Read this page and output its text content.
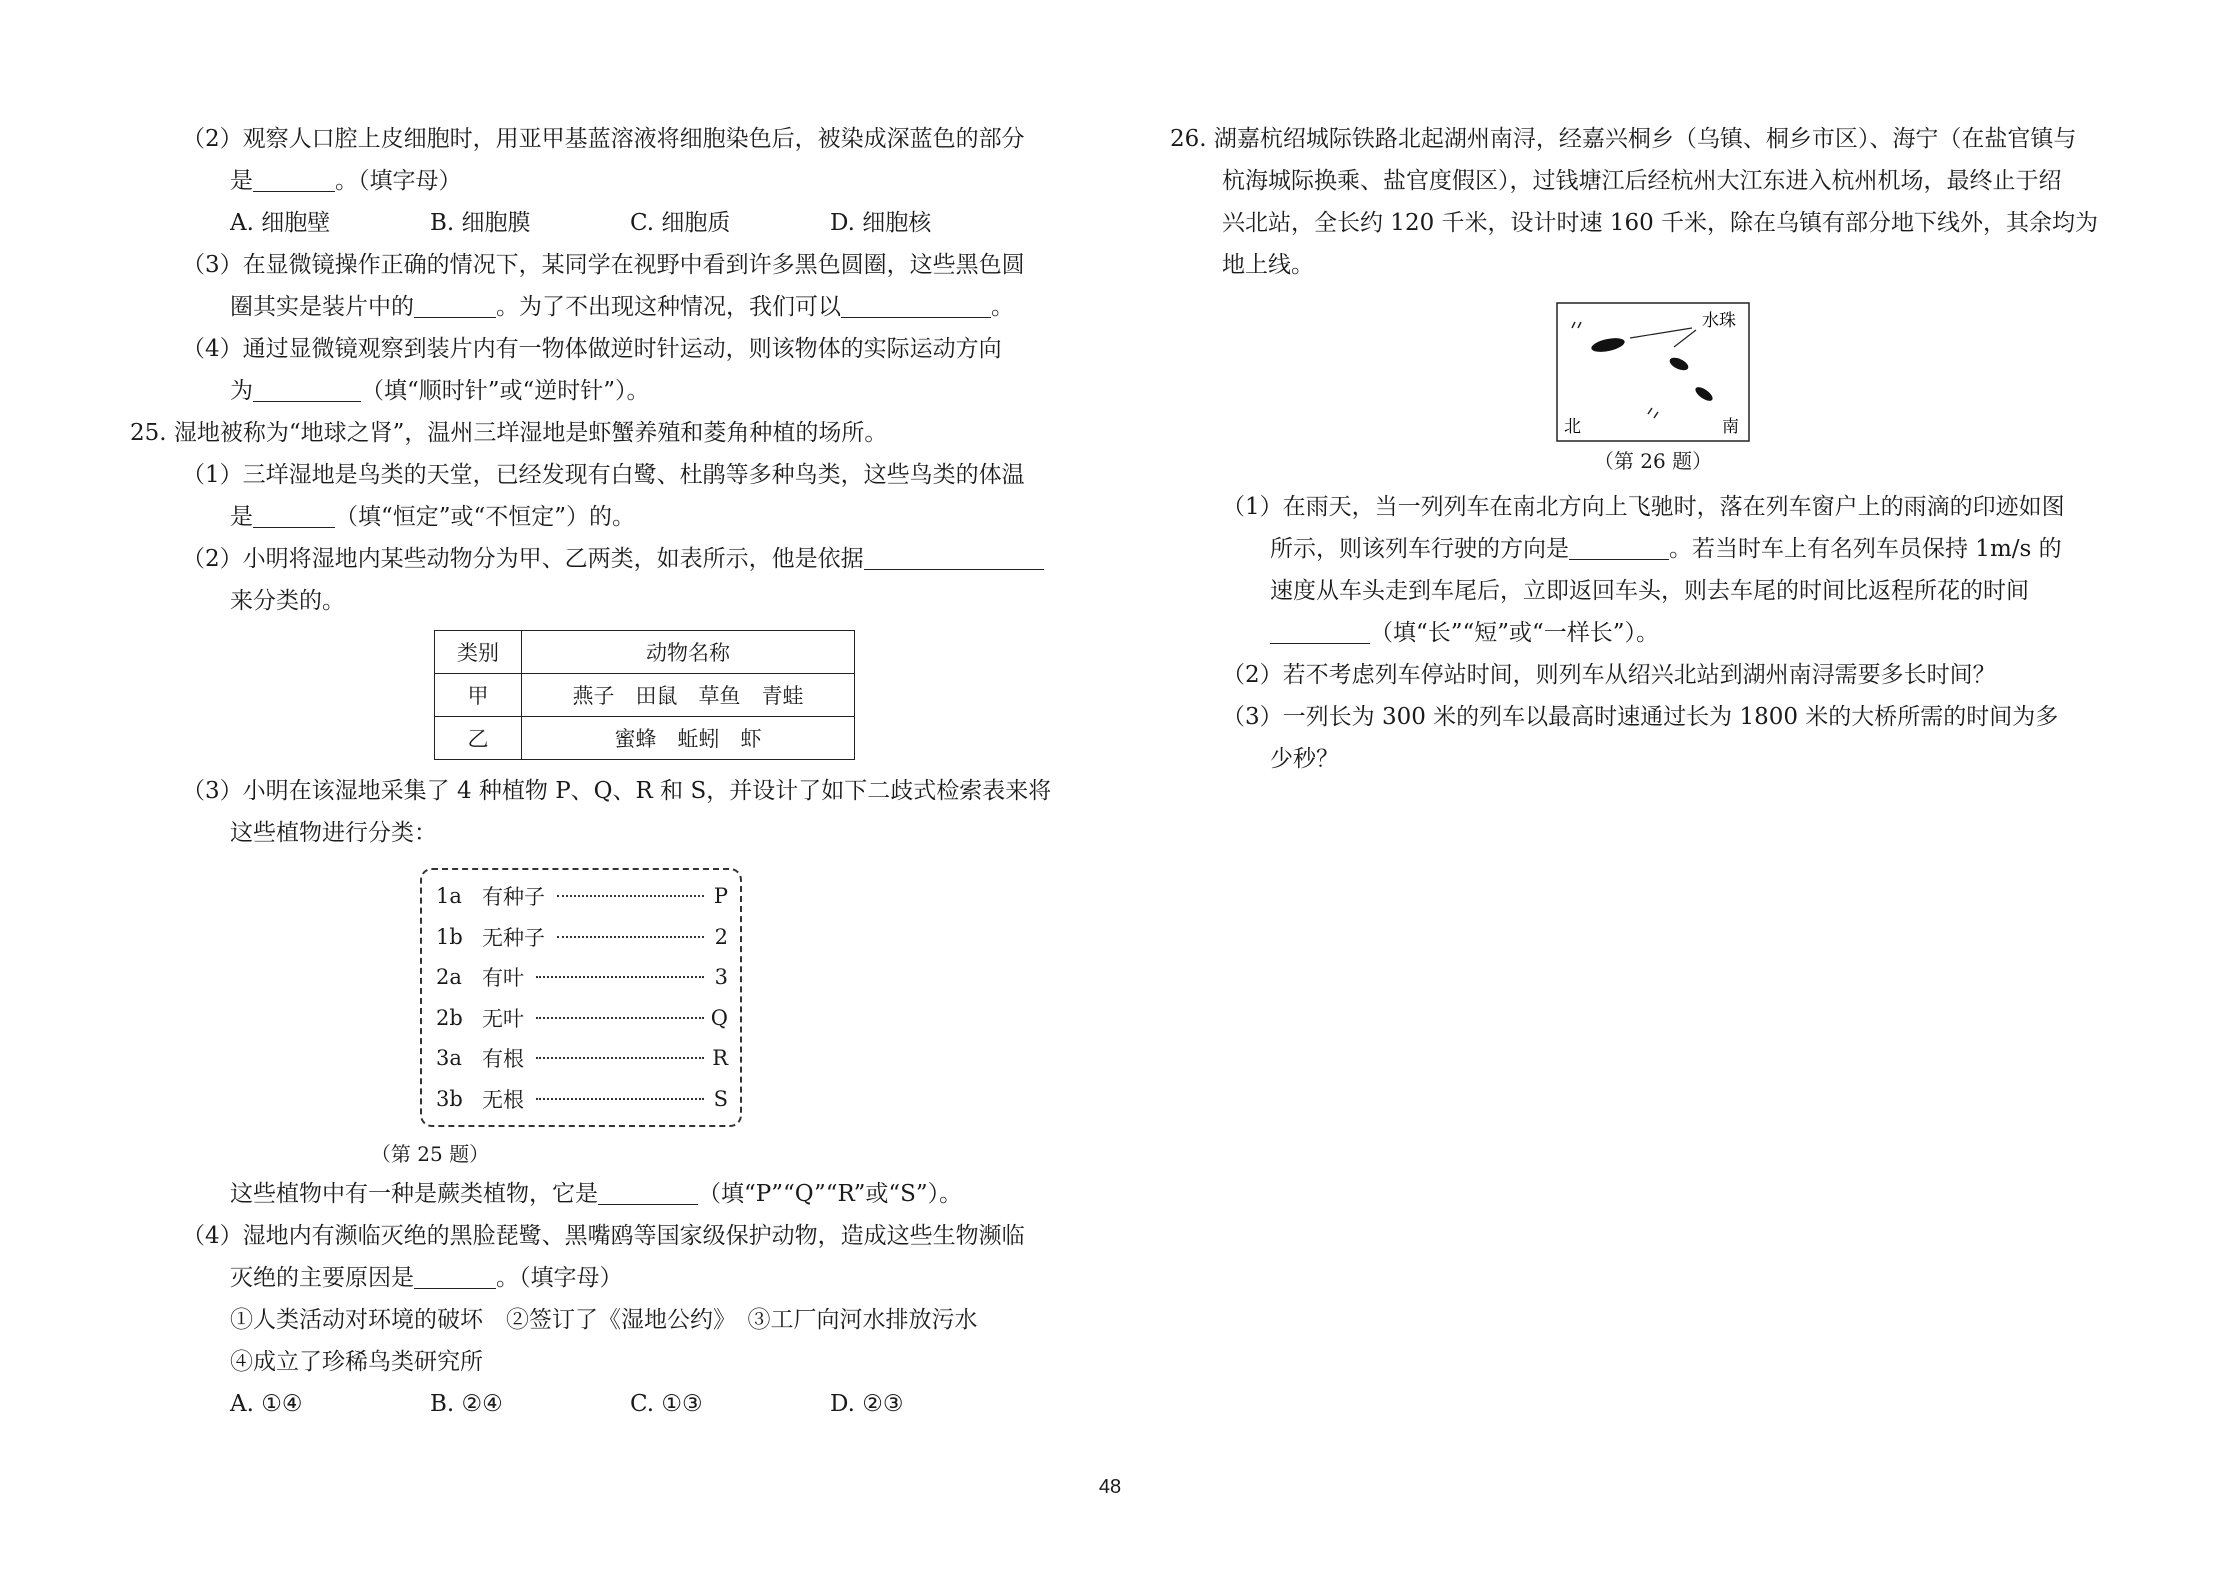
（2）观察人口腔上皮细胞时，用亚甲基蓝溶液将细胞染色后，被染成深蓝色的部分

是	。（填字母）

A. 细胞壁	B. 细胞膜	C. 细胞质	D. 细胞核

（3）在显微镜操作正确的情况下，某同学在视野中看到许多黑色圆圈，这些黑色圆

圈其实是装片中的	。为了不出现这种情况，我们可以	。

（4）通过显微镜观察到装片内有一物体做逆时针运动，则该物体的实际运动方向

为	（填“顺时针”或“逆时针”）。

25. 湿地被称为“地球之肾”，温州三垟湿地是虾蟹养殖和菱角种植的场所。

（1）三垟湿地是鸟类的天堂，已经发现有白鹭、杜鹃等多种鸟类，这些鸟类的体温

是	（填“恒定”或“不恒定”）的。

（2）小明将湿地内某些动物分为甲、乙两类，如表所示，他是依据

来分类的。

类别	动物名称
甲	燕子　田鼠　草鱼　青蛙
乙	蜜蜂　蚯蚓　虾

（3）小明在该湿地采集了 4 种植物 P、Q、R 和 S，并设计了如下二歧式检索表来将

这些植物进行分类：

1a 有种子	P
1b 无种子	2
2a 有叶	3
2b 无叶	Q
3a 有根	R
3b 无根	S
（第 25 题）

这些植物中有一种是蕨类植物，它是	（填“P”“Q”“R”或“S”）。

（4）湿地内有濒临灭绝的黑脸琵鹭、黑嘴鸥等国家级保护动物，造成这些生物濒临

灭绝的主要原因是	。（填字母）

①人类活动对环境的破坏　②签订了《湿地公约》　③工厂向河水排放污水

④成立了珍稀鸟类研究所

A. ①④	B. ②④	C. ①③	D. ②③

26. 湖嘉杭绍城际铁路北起湖州南浔，经嘉兴桐乡（乌镇、桐乡市区）、海宁（在盐官镇与

杭海城际换乘、盐官度假区），过钱塘江后经杭州大江东进入杭州机场，最终止于绍

兴北站，全长约 120 千米，设计时速 160 千米，除在乌镇有部分地下线外，其余均为

地上线。

水珠
北	南
（第 26 题）

（1）在雨天，当一列列车在南北方向上飞驰时，落在列车窗户上的雨滴的印迹如图

所示，则该列车行驶的方向是	。若当时车上有名列车员保持 1m/s 的

速度从车头走到车尾后，立即返回车头，则去车尾的时间比返程所花的时间

（填“长”“短”或“一样长”）。

（2）若不考虑列车停站时间，则列车从绍兴北站到湖州南浔需要多长时间？

（3）一列长为 300 米的列车以最高时速通过长为 1800 米的大桥所需的时间为多

少秒？

48
